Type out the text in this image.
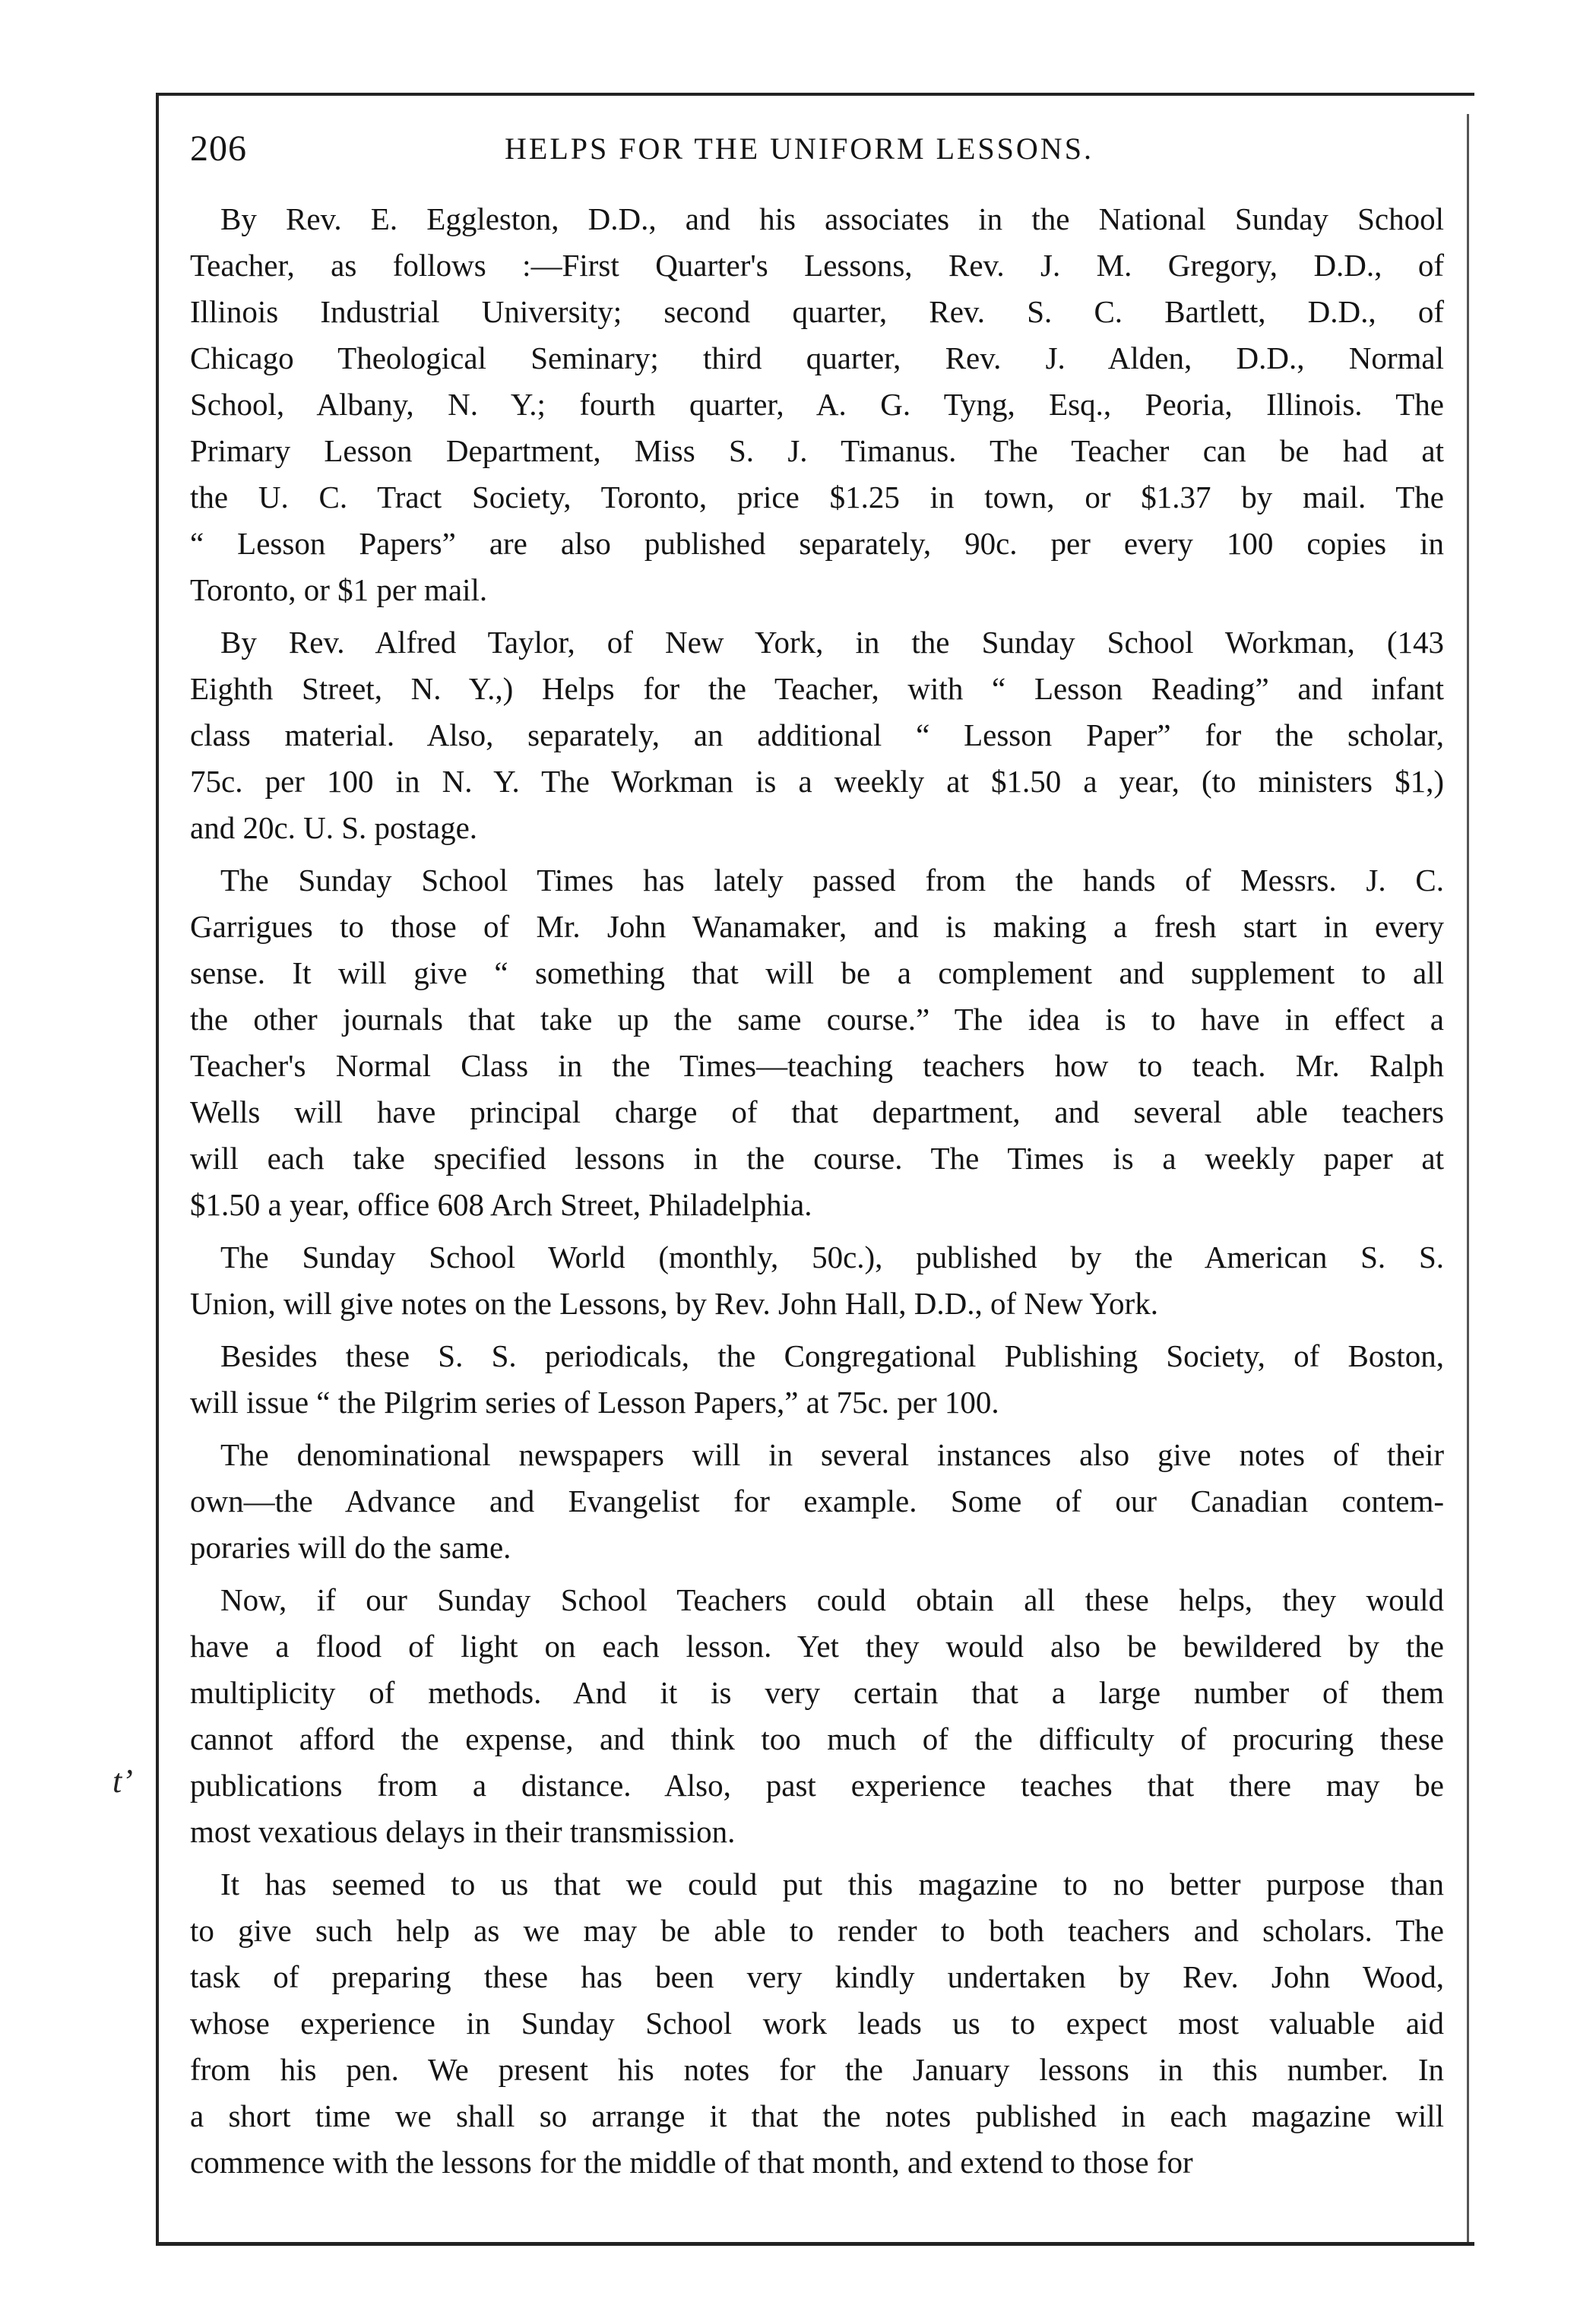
206	HELPS FOR THE UNIFORM LESSONS.
t’
By Rev. E. Eggleston, D.D., and his associates in the National Sunday School
Teacher, as follows :—First Quarter's Lessons, Rev. J. M. Gregory, D.D., of
Illinois Industrial University; second quarter, Rev. S. C. Bartlett, D.D., of
Chicago Theological Seminary; third quarter, Rev. J. Alden, D.D., Normal
School, Albany, N. Y.; fourth quarter, A. G. Tyng, Esq., Peoria, Illinois. The
Primary Lesson Department, Miss S. J. Timanus. The Teacher can be had at
the U. C. Tract Society, Toronto, price $1.25 in town, or $1.37 by mail. The
“ Lesson Papers” are also published separately, 90c. per every 100 copies in
Toronto, or $1 per mail.
By Rev. Alfred Taylor, of New York, in the Sunday School Workman, (143
Eighth Street, N. Y.,) Helps for the Teacher, with “ Lesson Reading” and infant
class material. Also, separately, an additional “ Lesson Paper” for the scholar,
75c. per 100 in N. Y. The Workman is a weekly at $1.50 a year, (to ministers $1,)
and 20c. U. S. postage.
The Sunday School Times has lately passed from the hands of Messrs. J. C.
Garrigues to those of Mr. John Wanamaker, and is making a fresh start in every
sense. It will give “ something that will be a complement and supplement to all
the other journals that take up the same course.” The idea is to have in effect a
Teacher's Normal Class in the Times—teaching teachers how to teach. Mr. Ralph
Wells will have principal charge of that department, and several able teachers
will each take specified lessons in the course. The Times is a weekly paper at
$1.50 a year, office 608 Arch Street, Philadelphia.
The Sunday School World (monthly, 50c.), published by the American S. S.
Union, will give notes on the Lessons, by Rev. John Hall, D.D., of New York.
Besides these S. S. periodicals, the Congregational Publishing Society, of Boston,
will issue “ the Pilgrim series of Lesson Papers,” at 75c. per 100.
The denominational newspapers will in several instances also give notes of their
own—the Advance and Evangelist for example. Some of our Canadian contem-
poraries will do the same.
Now, if our Sunday School Teachers could obtain all these helps, they would
have a flood of light on each lesson. Yet they would also be bewildered by the
multiplicity of methods. And it is very certain that a large number of them
cannot afford the expense, and think too much of the difficulty of procuring these
publications from a distance. Also, past experience teaches that there may be
most vexatious delays in their transmission.
It has seemed to us that we could put this magazine to no better purpose than
to give such help as we may be able to render to both teachers and scholars. The
task of preparing these has been very kindly undertaken by Rev. John Wood,
whose experience in Sunday School work leads us to expect most valuable aid
from his pen. We present his notes for the January lessons in this number. In
a short time we shall so arrange it that the notes published in each magazine will
commence with the lessons for the middle of that month, and extend to those for
